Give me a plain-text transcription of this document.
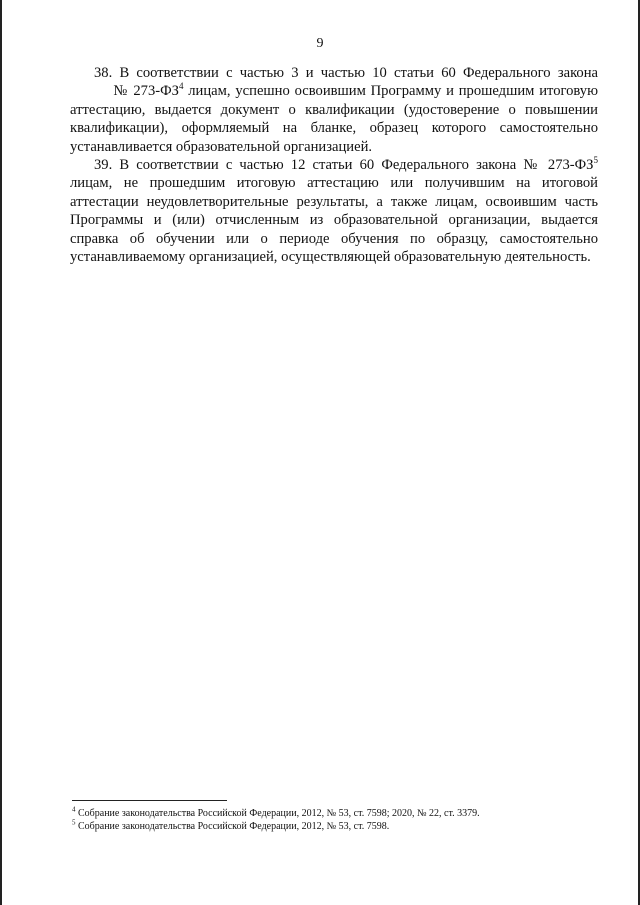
9

38. В соответствии с частью 3 и частью 10 статьи 60 Федерального закона          № $273-ФЗ^4$ лицам, успешно освоившим Программу и прошедшим итоговую аттестацию, выдается документ о квалификации (удостоверение о повышении квалификации), оформляемый на бланке, образец которого самостоятельно устанавливается образовательной организацией.

39. В соответствии с частью 12 статьи 60 Федерального закона № $273-ФЗ^5$ лицам, не прошедшим итоговую аттестацию или получившим на итоговой аттестации неудовлетворительные результаты, а также лицам, освоившим часть Программы и (или) отчисленным из образовательной организации, выдается справка об обучении или о периоде обучения по образцу, самостоятельно устанавливаемому организацией, осуществляющей образовательную деятельность.

$^4$ Собрание законодательства Российской Федерации, 2012, № 53, ст. 7598; 2020, № 22, ст. 3379.

$^5$ Собрание законодательства Российской Федерации, 2012, № 53, ст. 7598.
